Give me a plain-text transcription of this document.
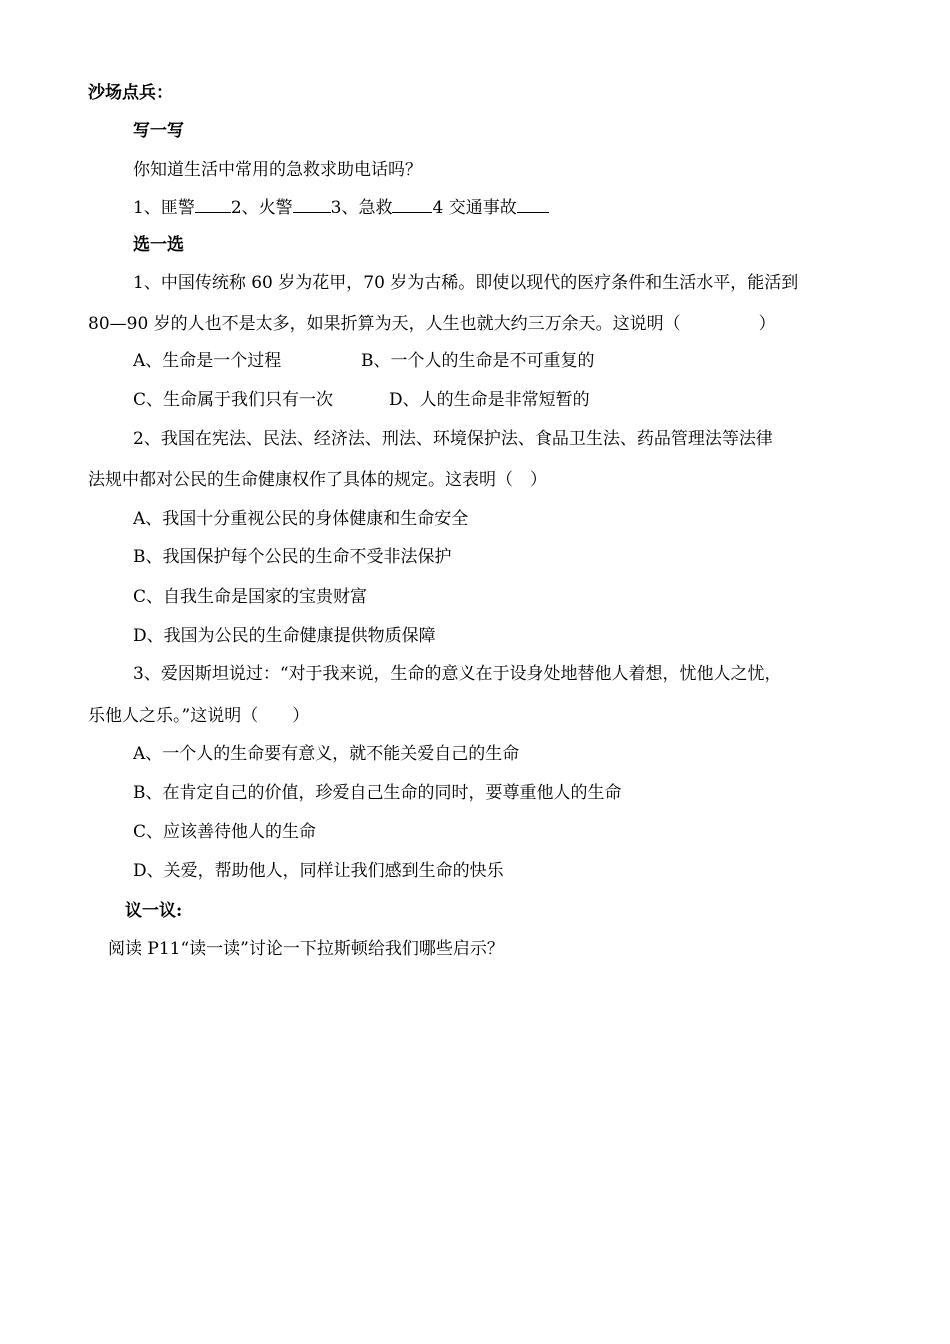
沙场点兵：
写一写
你知道生活中常用的急救求助电话吗？
1、匪警 2、火警 3、急救 4 交通事故
选一选
1、中国传统称 60 岁为花甲，70 岁为古稀。即使以现代的医疗条件和生活水平，能活到
80—90 岁的人也不是太多，如果折算为天，人生也就大约三万余天。这说明（	）
A、生命是一个过程	B、一个人的生命是不可重复的
C、生命属于我们只有一次	D、人的生命是非常短暂的
2、我国在宪法、民法、经济法、刑法、环境保护法、食品卫生法、药品管理法等法律
法规中都对公民的生命健康权作了具体的规定。这表明（　）
A、我国十分重视公民的身体健康和生命安全
B、我国保护每个公民的生命不受非法保护
C、自我生命是国家的宝贵财富
D、我国为公民的生命健康提供物质保障
3、爱因斯坦说过：“对于我来说，生命的意义在于设身处地替他人着想，忧他人之忧，
乐他人之乐。”这说明（　　）
A、一个人的生命要有意义，就不能关爱自己的生命
B、在肯定自己的价值，珍爱自己生命的同时，要尊重他人的生命
C、应该善待他人的生命
D、关爱，帮助他人，同样让我们感到生命的快乐
议一议:
阅读 P11“读一读”讨论一下拉斯顿给我们哪些启示？
